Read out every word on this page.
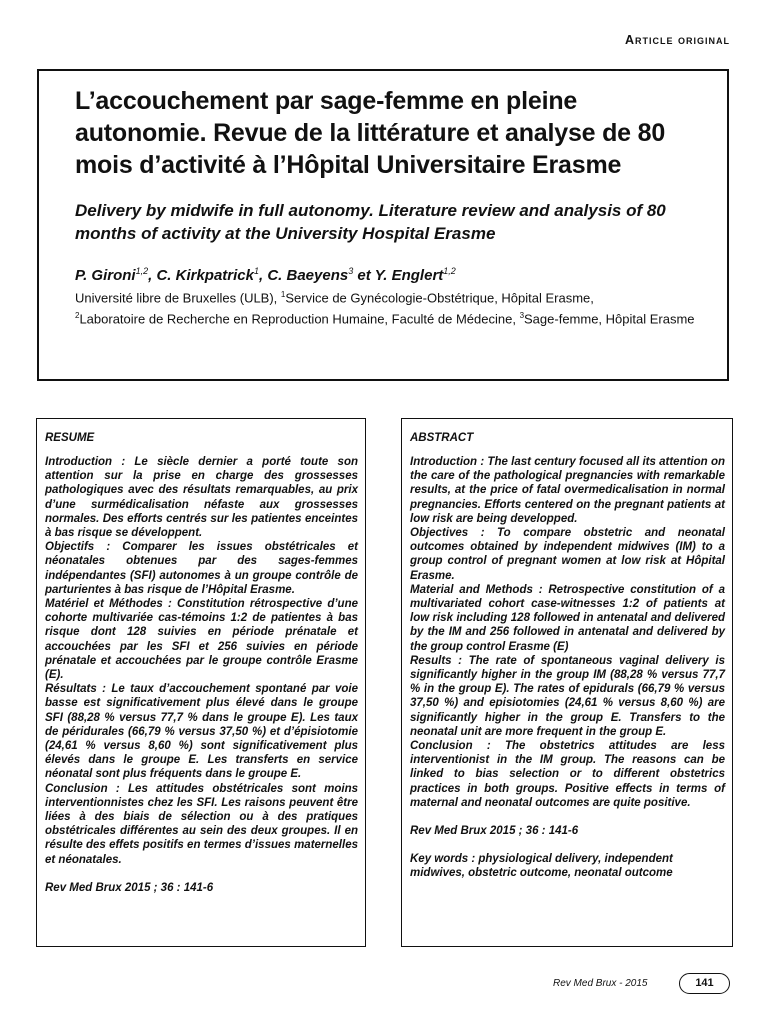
Article original
L’accouchement par sage-femme en pleine autonomie. Revue de la littérature et analyse de 80 mois d’activité à l’Hôpital Universitaire Erasme
Delivery by midwife in full autonomy. Literature review and analysis of 80 months of activity at the University Hospital Erasme

P. Gironi$^{1,2}$, C. Kirkpatrick$^1$, C. Baeyens$^3$ et Y. Englert$^{1,2}$

Université libre de Bruxelles (ULB), $^1$Service de Gynécologie-Obstétrique, Hôpital Erasme,
$^2$Laboratoire de Recherche en Reproduction Humaine, Faculté de Médecine, $^3$Sage-femme, Hôpital Erasme

RESUME

Introduction : Le siècle dernier a porté toute son attention sur la prise en charge des grossesses pathologiques avec des résultats remarquables, au prix d’une surmédicalisation néfaste aux grossesses normales. Des efforts centrés sur les patientes enceintes à bas risque se développent.
Objectifs : Comparer les issues obstétricales et néonatales obtenues par des sages-femmes indépendantes (SFI) autonomes à un groupe contrôle de parturientes à bas risque de l’Hôpital Erasme.
Matériel et Méthodes : Constitution rétrospective d’une cohorte multivariée cas-témoins 1:2 de patientes à bas risque dont 128 suivies en période prénatale et accouchées par les SFI et 256 suivies en période prénatale et accouchées par le groupe contrôle Erasme (E).
Résultats : Le taux d’accouchement spontané par voie basse est significativement plus élevé dans le groupe SFI (88,28 % versus 77,7 % dans le groupe E). Les taux de péridurales (66,79 % versus 37,50 %) et d’épisiotomie (24,61 % versus 8,60 %) sont significativement plus élevés dans le groupe E. Les transferts en service néonatal sont plus fréquents dans le groupe E.
Conclusion : Les attitudes obstétricales sont moins interventionnistes chez les SFI. Les raisons peuvent être liées à des biais de sélection ou à des pratiques obstétricales différentes au sein des deux groupes. Il en résulte des effets positifs en termes d’issues maternelles et néonatales.

Rev Med Brux 2015 ; 36 : 141-6

ABSTRACT

Introduction : The last century focused all its attention on the care of the pathological pregnancies with remarkable results, at the price of fatal overmedicalisation in normal pregnancies. Efforts centered on the pregnant patients at low risk are being developped.
Objectives : To compare obstetric and neonatal outcomes obtained by independent midwives (IM) to a group control of pregnant women at low risk at Hôpital Erasme.
Material and Methods : Retrospective constitution of a multivariated cohort case-witnesses 1:2 of patients at low risk including 128 followed in antenatal and delivered by the IM and 256 followed in antenatal and delivered by the group control Erasme (E)
Results : The rate of spontaneous vaginal delivery is significantly higher in the group IM (88,28 % versus 77,7 % in the group E). The rates of epidurals (66,79 % versus 37,50 %) and episiotomies (24,61 % versus 8,60 %) are significantly higher in the group E. Transfers to the neonatal unit are more frequent in the group E.
Conclusion : The obstetrics attitudes are less interventionist in the IM group. The reasons can be linked to bias selection or to different obstetrics practices in both groups. Positive effects in terms of maternal and neonatal outcomes are quite positive.

Rev Med Brux 2015 ; 36 : 141-6

Key words : physiological delivery, independent midwives, obstetric outcome, neonatal outcome

Rev Med Brux - 2015	141
